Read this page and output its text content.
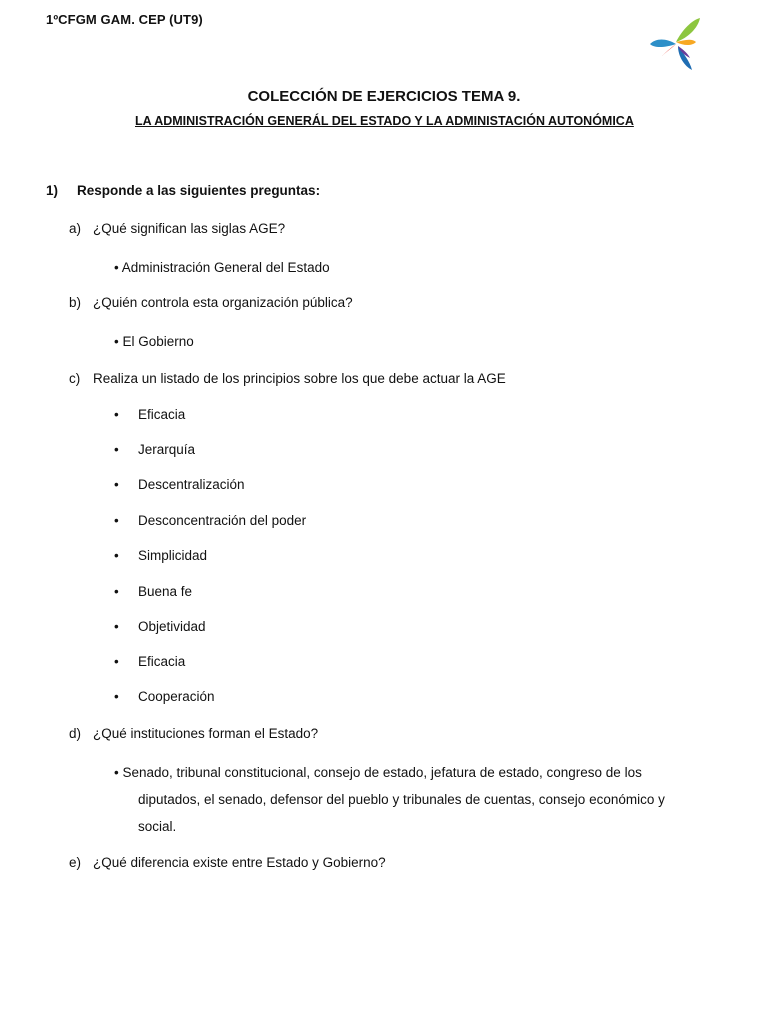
1ºCFGM GAM. CEP (UT9)
COLECCIÓN DE EJERCICIOS TEMA 9.
LA ADMINISTRACIÓN GENERÁL DEL ESTADO Y LA ADMINISTACIÓN AUTONÓMICA
1) Responde a las siguientes preguntas:
a) ¿Qué significan las siglas AGE?
• Administración General del Estado
b) ¿Quién controla esta organización pública?
• El Gobierno
c) Realiza un listado de los principios sobre los que debe actuar la AGE
• Eficacia
• Jerarquía
• Descentralización
• Desconcentración del poder
• Simplicidad
• Buena fe
• Objetividad
• Eficacia
• Cooperación
d) ¿Qué instituciones forman el Estado?
• Senado, tribunal constitucional, consejo de estado, jefatura de estado, congreso de los
diputados, el senado, defensor del pueblo y tribunales de cuentas, consejo económico y
social.
e) ¿Qué diferencia existe entre Estado y Gobierno?
